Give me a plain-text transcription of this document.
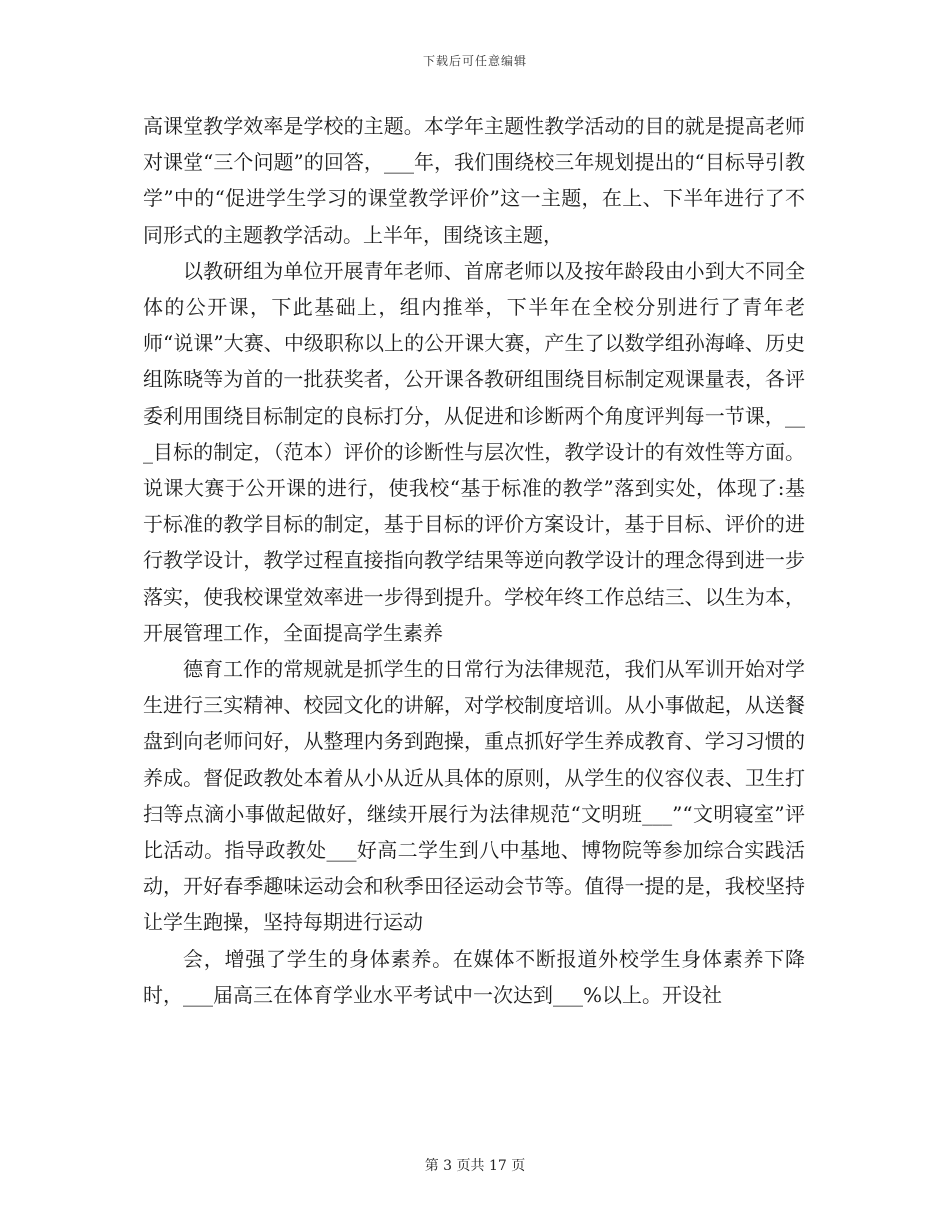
下载后可任意编辑

高课堂教学效率是学校的主题。本学年主题性教学活动的目的就是提高老师对课堂“三个问题”的回答，___年，我们围绕校三年规划提出的“目标导引教学”中的“促进学生学习的课堂教学评价”这一主题，在上、下半年进行了不同形式的主题教学活动。上半年，围绕该主题，

以教研组为单位开展青年老师、首席老师以及按年龄段由小到大不同全体的公开课，下此基础上，组内推举，下半年在全校分别进行了青年老师“说课”大赛、中级职称以上的公开课大赛，产生了以数学组孙海峰、历史组陈晓等为首的一批获奖者，公开课各教研组围绕目标制定观课量表，各评委利用围绕目标制定的良标打分，从促进和诊断两个角度评判每一节课，___目标的制定，（范本）评价的诊断性与层次性，教学设计的有效性等方面。说课大赛于公开课的进行，使我校“基于标准的教学”落到实处，体现了:基于标准的教学目标的制定，基于目标的评价方案设计，基于目标、评价的进行教学设计，教学过程直接指向教学结果等逆向教学设计的理念得到进一步落实，使我校课堂效率进一步得到提升。学校年终工作总结三、以生为本，开展管理工作，全面提高学生素养

德育工作的常规就是抓学生的日常行为法律规范，我们从军训开始对学生进行三实精神、校园文化的讲解，对学校制度培训。从小事做起，从送餐盘到向老师问好，从整理内务到跑操，重点抓好学生养成教育、学习习惯的养成。督促政教处本着从小从近从具体的原则，从学生的仪容仪表、卫生打扫等点滴小事做起做好，继续开展行为法律规范“文明班___”“文明寝室”评比活动。指导政教处___好高二学生到八中基地、博物院等参加综合实践活动，开好春季趣味运动会和秋季田径运动会节等。值得一提的是，我校坚持让学生跑操，坚持每期进行运动

会，增强了学生的身体素养。在媒体不断报道外校学生身体素养下降时，___届高三在体育学业水平考试中一次达到___%以上。开设社

第 3 页共 17 页
